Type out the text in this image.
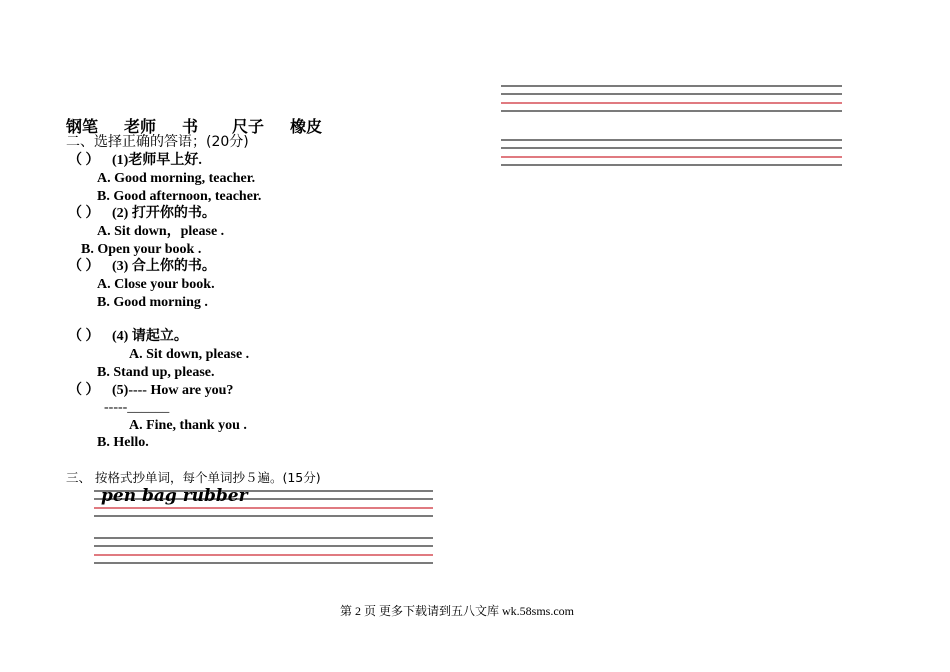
钢笔 老师 书 尺子 橡皮
二、选择正确的答语；(20分)
（ ） (1)老师早上好.
A. Good morning, teacher.
B. Good afternoon, teacher.
（ ） (2) 打开你的书。
A. Sit down，please .
B. Open your book .
（ ） (3) 合上你的书。
A. Close your book.
B. Good morning .
（ ） (4) 请起立。
A. Sit down, please .
B. Stand up, please.
（ ） (5)---- How are you?
-----______
A. Fine, thank you .
B. Hello.
三、 按格式抄单词，每个单词抄５遍。(15分)
pen bag rubber
第 2 页 更多下载请到五八文库 wk.58sms.com
